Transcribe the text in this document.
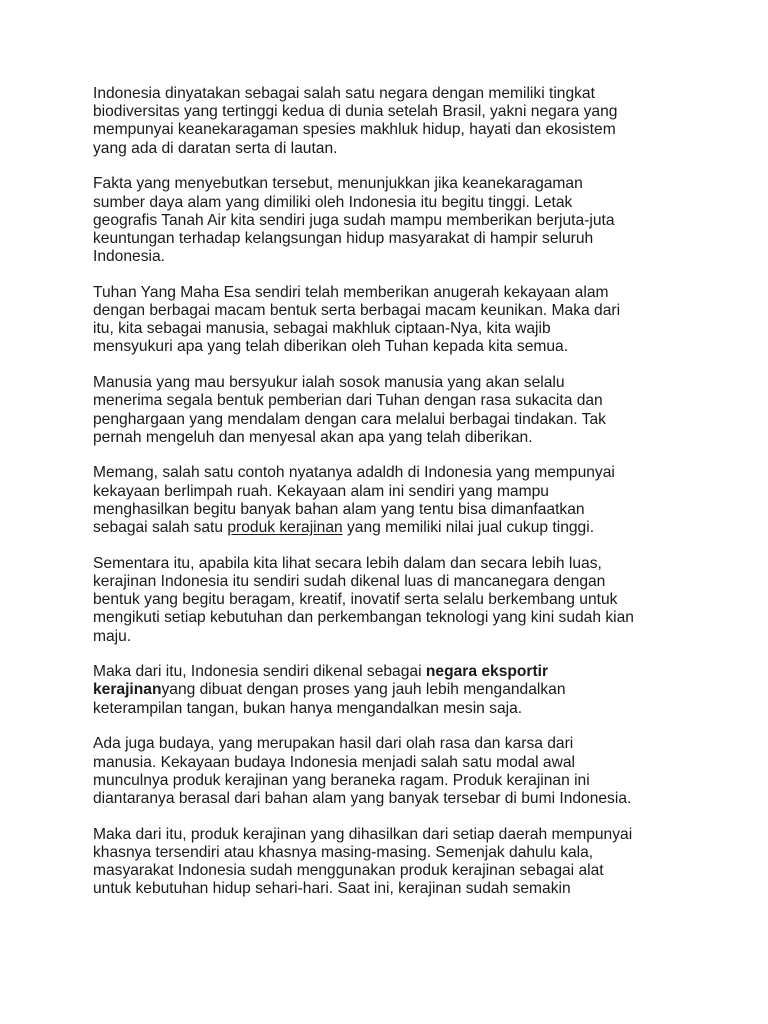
Indonesia dinyatakan sebagai salah satu negara dengan memiliki tingkat
biodiversitas yang tertinggi kedua di dunia setelah Brasil, yakni negara yang
mempunyai keanekaragaman spesies makhluk hidup, hayati dan ekosistem
yang ada di daratan serta di lautan.

Fakta yang menyebutkan tersebut, menunjukkan jika keanekaragaman
sumber daya alam yang dimiliki oleh Indonesia itu begitu tinggi. Letak
geografis Tanah Air kita sendiri juga sudah mampu memberikan berjuta-juta
keuntungan terhadap kelangsungan hidup masyarakat di hampir seluruh
Indonesia.

Tuhan Yang Maha Esa sendiri telah memberikan anugerah kekayaan alam
dengan berbagai macam bentuk serta berbagai macam keunikan. Maka dari
itu, kita sebagai manusia, sebagai makhluk ciptaan-Nya, kita wajib
mensyukuri apa yang telah diberikan oleh Tuhan kepada kita semua.

Manusia yang mau bersyukur ialah sosok manusia yang akan selalu
menerima segala bentuk pemberian dari Tuhan dengan rasa sukacita dan
penghargaan yang mendalam dengan cara melalui berbagai tindakan. Tak
pernah mengeluh dan menyesal akan apa yang telah diberikan.

Memang, salah satu contoh nyatanya adaldh di Indonesia yang mempunyai
kekayaan berlimpah ruah. Kekayaan alam ini sendiri yang mampu
menghasilkan begitu banyak bahan alam yang tentu bisa dimanfaatkan
sebagai salah satu produk kerajinan yang memiliki nilai jual cukup tinggi.

Sementara itu, apabila kita lihat secara lebih dalam dan secara lebih luas,
kerajinan Indonesia itu sendiri sudah dikenal luas di mancanegara dengan
bentuk yang begitu beragam, kreatif, inovatif serta selalu berkembang untuk
mengikuti setiap kebutuhan dan perkembangan teknologi yang kini sudah kian
maju.

Maka dari itu, Indonesia sendiri dikenal sebagai negara eksportir
kerajinanyang dibuat dengan proses yang jauh lebih mengandalkan
keterampilan tangan, bukan hanya mengandalkan mesin saja.

Ada juga budaya, yang merupakan hasil dari olah rasa dan karsa dari
manusia. Kekayaan budaya Indonesia menjadi salah satu modal awal
munculnya produk kerajinan yang beraneka ragam. Produk kerajinan ini
diantaranya berasal dari bahan alam yang banyak tersebar di bumi Indonesia.

Maka dari itu, produk kerajinan yang dihasilkan dari setiap daerah mempunyai
khasnya tersendiri atau khasnya masing-masing. Semenjak dahulu kala,
masyarakat Indonesia sudah menggunakan produk kerajinan sebagai alat
untuk kebutuhan hidup sehari-hari. Saat ini, kerajinan sudah semakin
